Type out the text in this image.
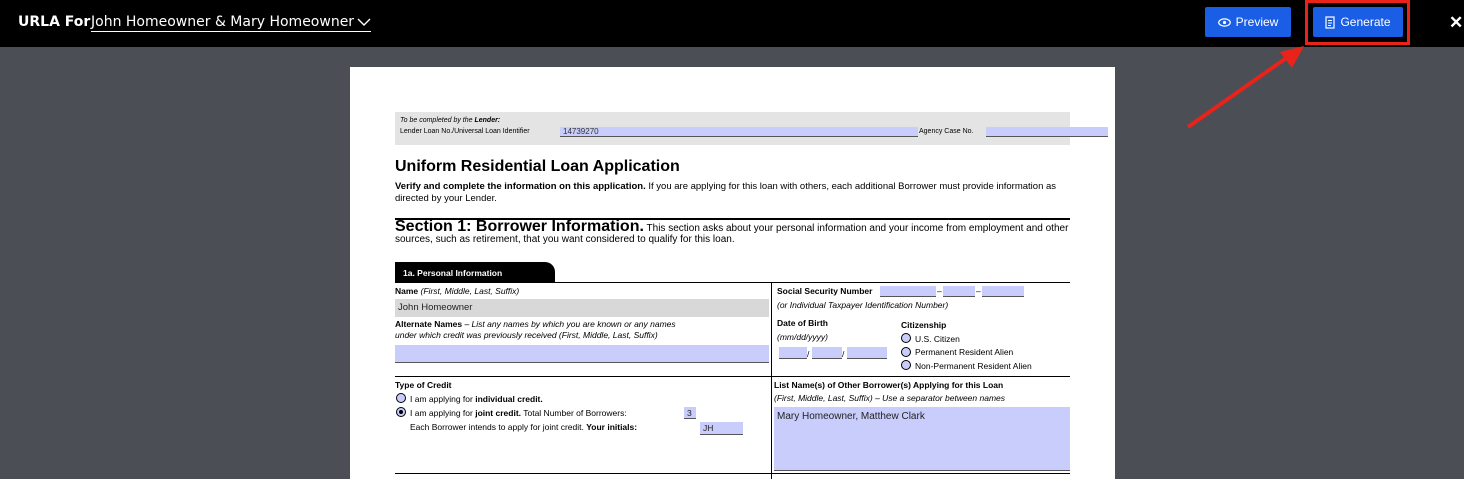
URLA For John Homeowner & Mary Homeowner	Preview	Generate	✕
To be completed by the Lender:
Lender Loan No./Universal Loan Identifier	14739270	Agency Case No.
Uniform Residential Loan Application
Verify and complete the information on this application. If you are applying for this loan with others, each additional Borrower must provide information as directed by your Lender.
Section 1: Borrower Information. This section asks about your personal information and your income from employment and other sources, such as retirement, that you want considered to qualify for this loan.
1a. Personal Information
Name (First, Middle, Last, Suffix)
John Homeowner
Alternate Names – List any names by which you are known or any names
under which credit was previously received (First, Middle, Last, Suffix)
Type of Credit
I am applying for individual credit.
I am applying for joint credit. Total Number of Borrowers:	3
Each Borrower intends to apply for joint credit. Your initials:	JH
Social Security Number	–	–
(or Individual Taxpayer Identification Number)
Date of Birth
(mm/dd/yyyy)
/	/
Citizenship
U.S. Citizen
Permanent Resident Alien
Non-Permanent Resident Alien
List Name(s) of Other Borrower(s) Applying for this Loan
(First, Middle, Last, Suffix) – Use a separator between names
Mary Homeowner, Matthew Clark
